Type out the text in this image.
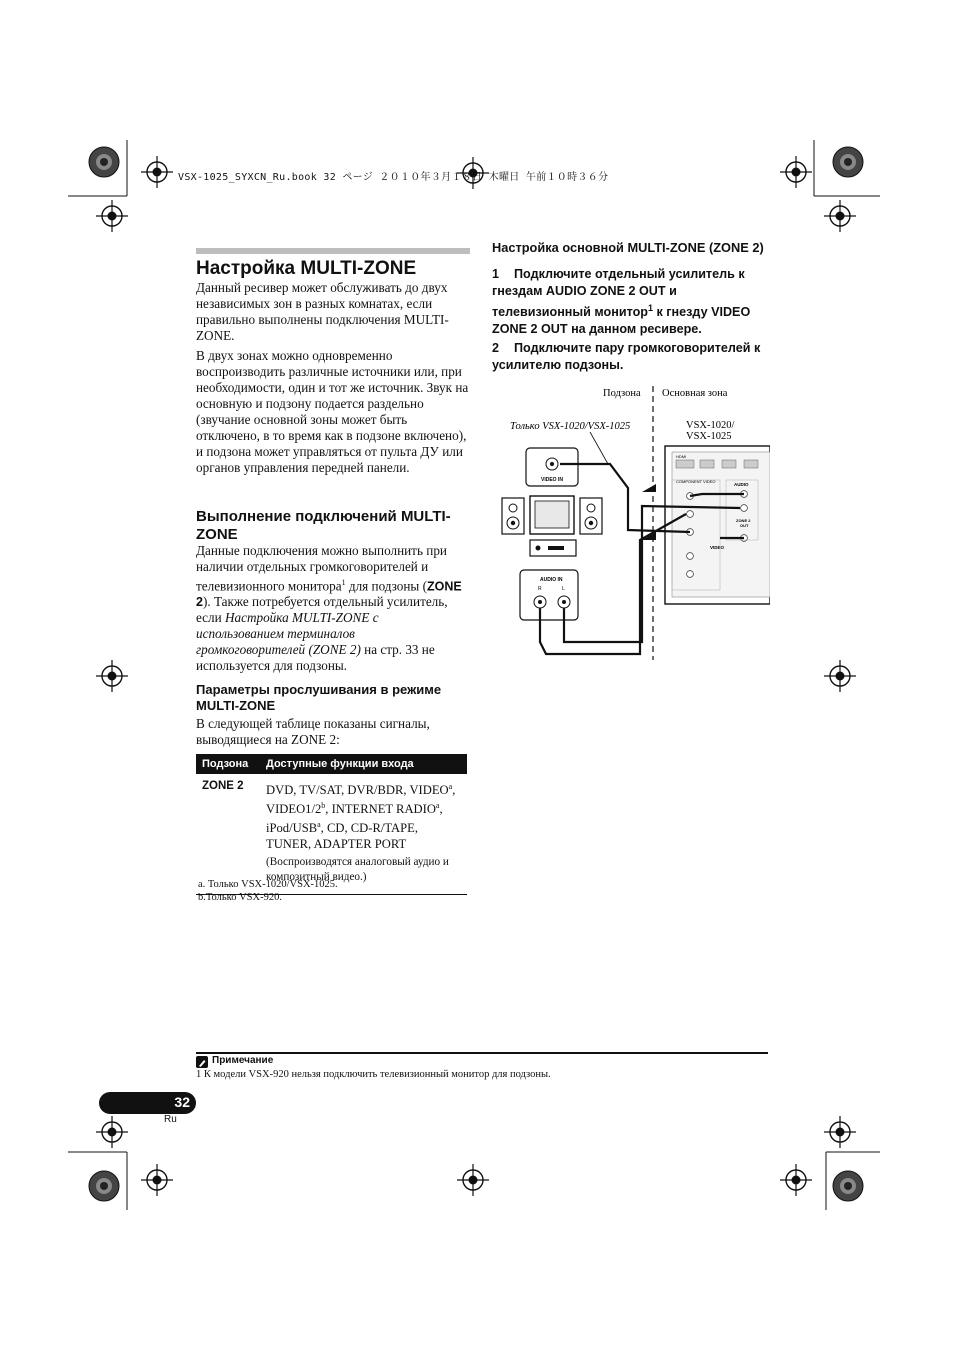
VSX-1025_SYXCN_Ru.book 32 ページ ２０１０年３月１８日 木曜日 午前１０時３６分
Настройка MULTI-ZONE

Данный ресивер может обслуживать до двух независимых зон в разных комнатах, если правильно выполнены подключения MULTI-ZONE.

В двух зонах можно одновременно воспроизводить различные источники или, при необходимости, один и тот же источник. Звук на основную и подзону подается раздельно (звучание основной зоны может быть отключено, в то время как в подзоне включено), и подзона может управляться от пульта ДУ или органов управления передней панели.

Выполнение подключений MULTI-ZONE

Данные подключения можно выполнить при наличии отдельных громкоговорителей и телевизионного монитора$^1$ для подзоны (ZONE 2). Также потребуется отдельный усилитель, если Настройка MULTI-ZONE с использованием терминалов громкоговорителей (ZONE 2) на стр. 33 не используется для подзоны.

Параметры прослушивания в режиме MULTI-ZONE

В следующей таблице показаны сигналы, выводящиеся на ZONE 2:

Подзона	Доступные функции входа
ZONE 2	DVD, TV/SAT, DVR/BDR, VIDEO$^a$, VIDEO1/2$^b$, INTERNET RADIO$^a$, iPod/USB$^a$, CD, CD-R/TAPE, TUNER, ADAPTER PORT
(Воспроизводятся аналоговый аудио и композитный видео.)
a. Только VSX-1020/VSX-1025.
b.Только VSX-920.
Настройка основной MULTI-ZONE (ZONE 2)
1 Подключите отдельный усилитель к гнездам AUDIO ZONE 2 OUT и телевизионный монитор$^1$ к гнезду VIDEO ZONE 2 OUT на данном ресивере.
2 Подключите пару громкоговорителей к усилителю подзоны.
Подзона Основная зона
Только VSX-1020/VSX-1025	VSX-1020/
VSX-1025
HDMI
COMPONENT VIDEO
AUDIO
ZONE 2
OUT
VIDEO
VIDEO IN
AUDIO IN
R	L
Примечание
1 К модели VSX-920 нельзя подключить телевизионный монитор для подзоны.
32
Ru
